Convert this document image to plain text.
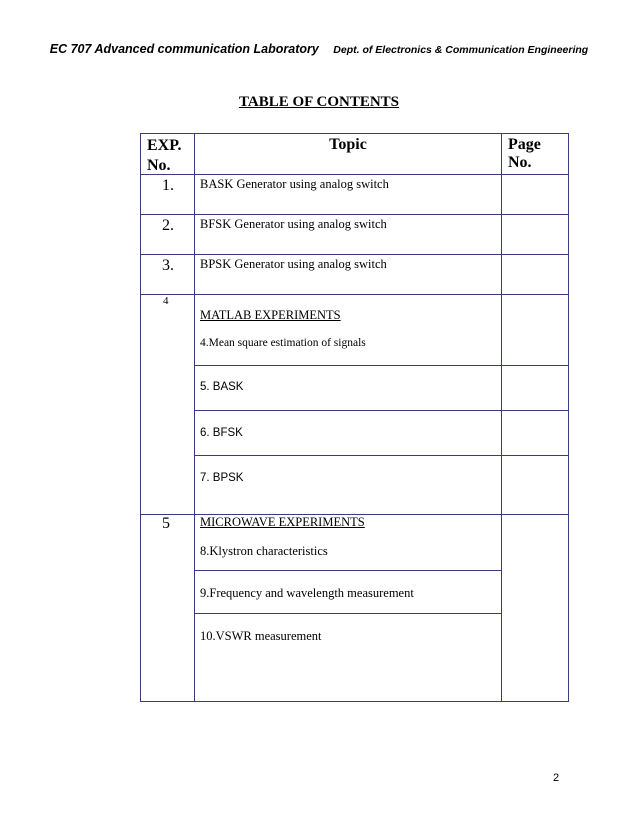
EC 707 Advanced communication Laboratory Dept. of Electronics & Communication Engineering
TABLE OF CONTENTS
EXP.
No.
Topic	Page No.
1. BASK Generator using analog switch
2. BFSK Generator using analog switch
3. BPSK Generator using analog switch
4
MATLAB EXPERIMENTS
4.Mean square estimation of signals
5. BASK
6. BFSK
7. BPSK
5 MICROWAVE EXPERIMENTS
8.Klystron characteristics
9.Frequency and wavelength measurement
10.VSWR measurement
2
